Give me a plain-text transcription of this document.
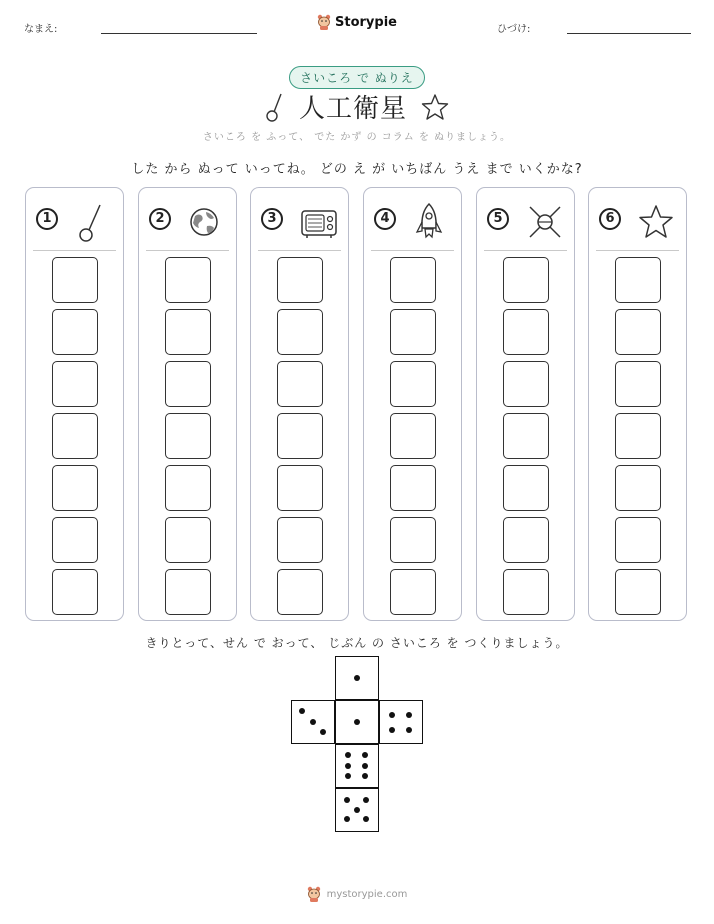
なまえ:	Storypie	ひづけ:
さいころ で ぬりえ
人工衛星
さいころ を ふって、 でた かず の コラム を ぬりましょう。
した から ぬって いってね。 どの え が いちばん うえ まで いくかな?
1	2	3	4	5	6
きりとって、せん で おって、 じぶん の さいころ を つくりましょう。
mystorypie.com
